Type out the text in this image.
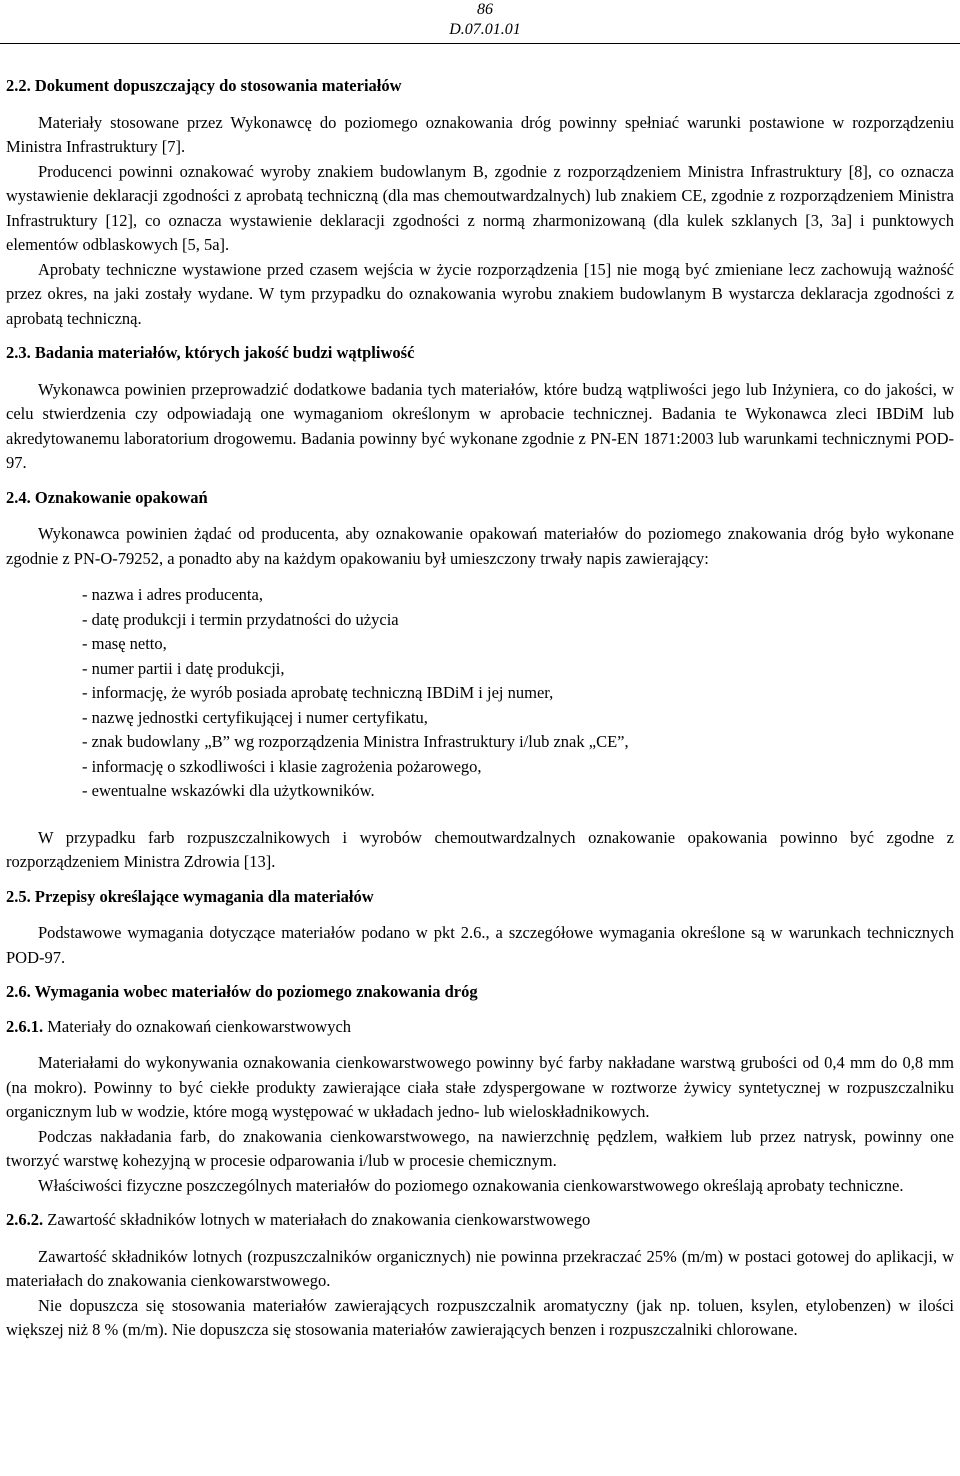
86
D.07.01.01
2.2. Dokument dopuszczający do stosowania materiałów

Materiały stosowane przez Wykonawcę do poziomego oznakowania dróg powinny spełniać warunki postawione w rozporządzeniu Ministra Infrastruktury [7].

Producenci powinni oznakować wyroby znakiem budowlanym B, zgodnie z rozporządzeniem Ministra Infrastruktury [8], co oznacza wystawienie deklaracji zgodności z aprobatą techniczną (dla mas chemoutwardzalnych) lub znakiem CE, zgodnie z rozporządzeniem Ministra Infrastruktury [12], co oznacza wystawienie deklaracji zgodności z normą zharmonizowaną (dla kulek szklanych [3, 3a] i punktowych elementów odblaskowych [5, 5a].

Aprobaty techniczne wystawione przed czasem wejścia w życie rozporządzenia [15] nie mogą być zmieniane lecz zachowują ważność przez okres, na jaki zostały wydane. W tym przypadku do oznakowania wyrobu znakiem budowlanym B wystarcza deklaracja zgodności z aprobatą techniczną.

2.3. Badania materiałów, których jakość budzi wątpliwość

Wykonawca powinien przeprowadzić dodatkowe badania tych materiałów, które budzą wątpliwości jego lub Inżyniera, co do jakości, w celu stwierdzenia czy odpowiadają one wymaganiom określonym w aprobacie technicznej. Badania te Wykonawca zleci IBDiM lub akredytowanemu laboratorium drogowemu. Badania powinny być wykonane zgodnie z PN-EN 1871:2003 lub warunkami technicznymi POD-97.

2.4. Oznakowanie opakowań

Wykonawca powinien żądać od producenta, aby oznakowanie opakowań materiałów do poziomego znakowania dróg było wykonane zgodnie z PN-O-79252, a ponadto aby na każdym opakowaniu był umieszczony trwały napis zawierający:

- nazwa i adres producenta,
- datę produkcji i termin przydatności do użycia
- masę netto,
- numer partii i datę produkcji,
- informację, że wyrób posiada aprobatę techniczną IBDiM i jej numer,
- nazwę jednostki certyfikującej i numer certyfikatu,
- znak budowlany „B” wg rozporządzenia Ministra Infrastruktury i/lub znak „CE”,
- informację o szkodliwości i klasie zagrożenia pożarowego,
- ewentualne wskazówki dla użytkowników.

W przypadku farb rozpuszczalnikowych i wyrobów chemoutwardzalnych oznakowanie opakowania powinno być zgodne z rozporządzeniem Ministra Zdrowia [13].

2.5. Przepisy określające wymagania dla materiałów

Podstawowe wymagania dotyczące materiałów podano w pkt 2.6., a szczegółowe wymagania określone są w warunkach technicznych POD-97.

2.6. Wymagania wobec materiałów do poziomego znakowania dróg
2.6.1. Materiały do oznakowań cienkowarstwowych

Materiałami do wykonywania oznakowania cienkowarstwowego powinny być farby nakładane warstwą grubości od 0,4 mm do 0,8 mm (na mokro). Powinny to być ciekłe produkty zawierające ciała stałe zdyspergowane w roztworze żywicy syntetycznej w rozpuszczalniku organicznym lub w wodzie, które mogą występować w układach jedno- lub wieloskładnikowych.

Podczas nakładania farb, do znakowania cienkowarstwowego, na nawierzchnię pędzlem, wałkiem lub przez natrysk, powinny one tworzyć warstwę kohezyjną w procesie odparowania i/lub w procesie chemicznym.

Właściwości fizyczne poszczególnych materiałów do poziomego oznakowania cienkowarstwowego określają aprobaty techniczne.

2.6.2. Zawartość składników lotnych w materiałach do znakowania cienkowarstwowego

Zawartość składników lotnych (rozpuszczalników organicznych) nie powinna przekraczać 25% (m/m) w postaci gotowej do aplikacji, w materiałach do znakowania cienkowarstwowego.

Nie dopuszcza się stosowania materiałów zawierających rozpuszczalnik aromatyczny (jak np. toluen, ksylen, etylobenzen) w ilości większej niż 8 % (m/m). Nie dopuszcza się stosowania materiałów zawierających benzen i rozpuszczalniki chlorowane.
